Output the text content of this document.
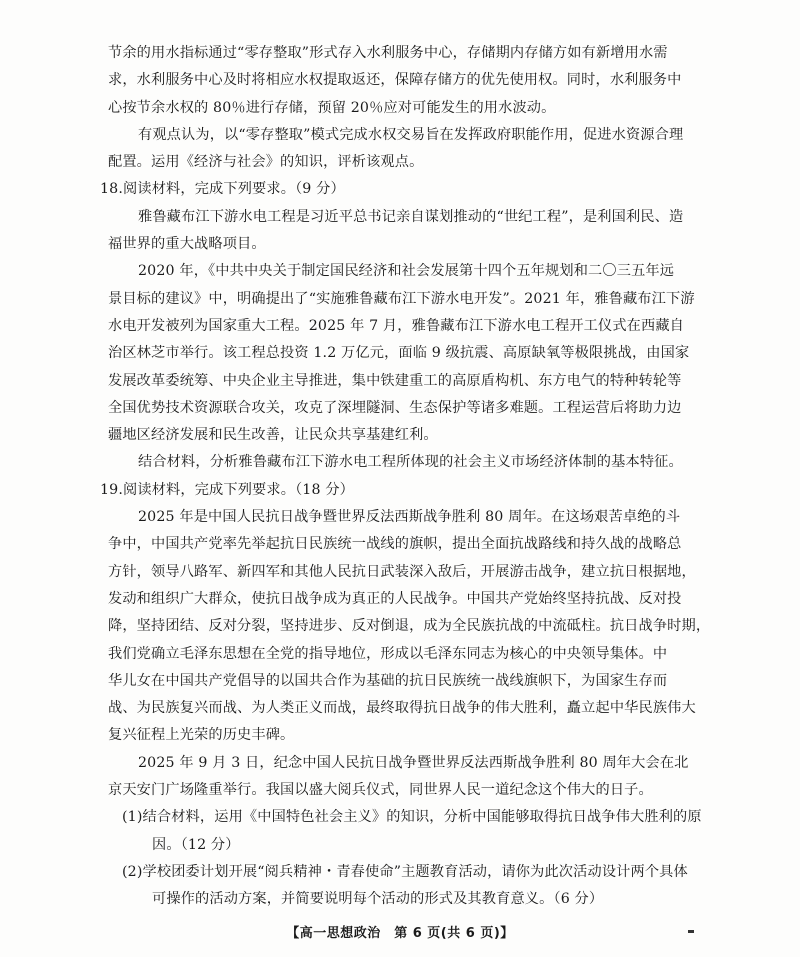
节余的用水指标通过“零存整取”形式存入水利服务中心，存储期内存储方如有新增用水需
求，水利服务中心及时将相应水权提取返还，保障存储方的优先使用权。同时，水利服务中
心按节余水权的 80％进行存储，预留 20％应对可能发生的用水波动。
有观点认为，以“零存整取”模式完成水权交易旨在发挥政府职能作用，促进水资源合理
配置。运用《经济与社会》的知识，评析该观点。
18.阅读材料，完成下列要求。（9 分）
雅鲁藏布江下游水电工程是习近平总书记亲自谋划推动的“世纪工程”，是利国利民、造
福世界的重大战略项目。
2020 年，《中共中央关于制定国民经济和社会发展第十四个五年规划和二〇三五年远
景目标的建议》中，明确提出了“实施雅鲁藏布江下游水电开发”。2021 年，雅鲁藏布江下游
水电开发被列为国家重大工程。2025 年 7 月，雅鲁藏布江下游水电工程开工仪式在西藏自
治区林芝市举行。该工程总投资 1.2 万亿元，面临 9 级抗震、高原缺氧等极限挑战，由国家
发展改革委统筹、中央企业主导推进，集中铁建重工的高原盾构机、东方电气的特种转轮等
全国优势技术资源联合攻关，攻克了深埋隧洞、生态保护等诸多难题。工程运营后将助力边
疆地区经济发展和民生改善，让民众共享基建红利。
结合材料，分析雅鲁藏布江下游水电工程所体现的社会主义市场经济体制的基本特征。
19.阅读材料，完成下列要求。（18 分）
2025 年是中国人民抗日战争暨世界反法西斯战争胜利 80 周年。在这场艰苦卓绝的斗
争中，中国共产党率先举起抗日民族统一战线的旗帜，提出全面抗战路线和持久战的战略总
方针，领导八路军、新四军和其他人民抗日武装深入敌后，开展游击战争，建立抗日根据地，
发动和组织广大群众，使抗日战争成为真正的人民战争。中国共产党始终坚持抗战、反对投
降，坚持团结、反对分裂，坚持进步、反对倒退，成为全民族抗战的中流砥柱。抗日战争时期，
我们党确立毛泽东思想在全党的指导地位，形成以毛泽东同志为核心的中央领导集体。中
华儿女在中国共产党倡导的以国共合作为基础的抗日民族统一战线旗帜下，为国家生存而
战、为民族复兴而战、为人类正义而战，最终取得抗日战争的伟大胜利，矗立起中华民族伟大
复兴征程上光荣的历史丰碑。
2025 年 9 月 3 日，纪念中国人民抗日战争暨世界反法西斯战争胜利 80 周年大会在北
京天安门广场隆重举行。我国以盛大阅兵仪式，同世界人民一道纪念这个伟大的日子。
(1)结合材料，运用《中国特色社会主义》的知识，分析中国能够取得抗日战争伟大胜利的原
因。（12 分）
(2)学校团委计划开展“阅兵精神・青春使命”主题教育活动，请你为此次活动设计两个具体
可操作的活动方案，并简要说明每个活动的形式及其教育意义。（6 分）
【高一思想政治　第 6 页(共 6 页)】
